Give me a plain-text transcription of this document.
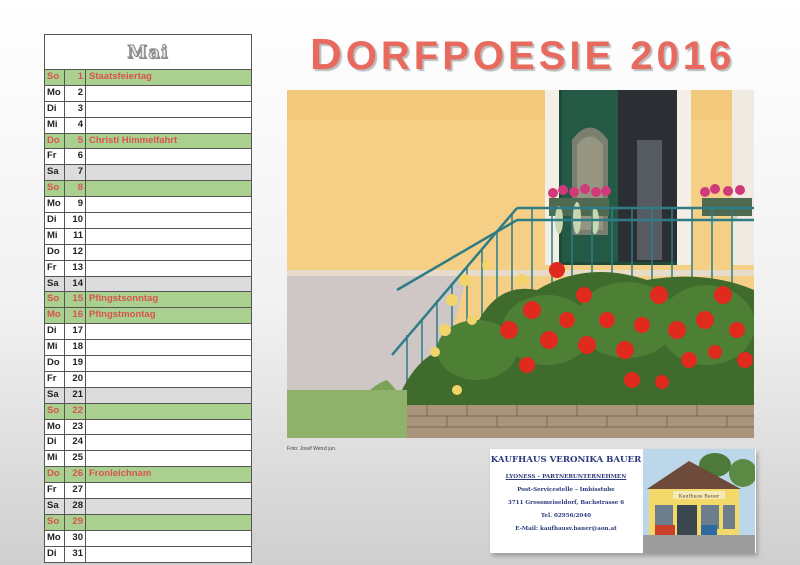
Mai
So	1 Staatsfeiertag
Mo	2
Di	3
Mi	4
Do	5 Christi Himmelfahrt
Fr	6
Sa	7
So	8
Mo	9
Di	10
Mi	11
Do	12
Fr	13
Sa	14
So	15 Pfingstsonntag
Mo	16 Pfingstmontag
Di	17
Mi	18
Do	19
Fr	20
Sa	21
So	22
Mo	23
Di	24
Mi	25
Do	26 Fronleichnam
Fr	27
Sa	28
So	29
Mo	30
Di	31
DORFPOESIE 2016
Foto: Josef Wenzl jun.
KAUFHAUS VERONIKA BAUER
LYONESS – PARTNERUNTERNEHMEN
Post-Servicestelle – Imbisstube
3711 Grossmeiseldorf, Bachstrasse 6
Tel. 02956/2040
E-Mail: kaufhausv.bauer@aon.at
Kaufhaus Bauer
